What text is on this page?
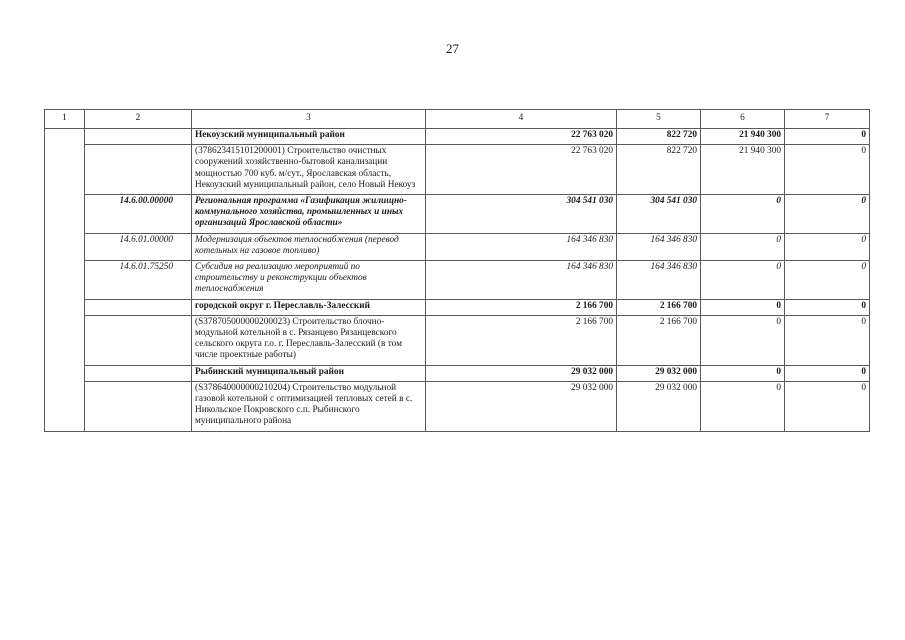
27
1	2	3	4	5	6	7
		Некоузский муниципальный район	22 763 020	822 720	21 940 300	0
		(378623415101200001) Строительство очистных сооружений хозяйственно-бытовой канализации мощностью 700 куб. м/сут., Ярославская область, Некоузский муниципальный район, село Новый Некоуз	22 763 020	822 720	21 940 300	0
	14.6.00.00000	Региональная программа «Газификация жилищно-коммунального хозяйства, промышленных и иных организаций Ярославской области»	304 541 030	304 541 030	0	0
	14.6.01.00000	Модернизация объектов теплоснабжения (перевод котельных на газовое топливо)	164 346 830	164 346 830	0	0
	14.6.01.75250	Субсидия на реализацию мероприятий по строительству и реконструкции объектов теплоснабжения	164 346 830	164 346 830	0	0
		городской округ г. Переславль-Залесский	2 166 700	2 166 700	0	0
		(S378705000000200023) Строительство блочно-модульной котельной в с. Рязанцево Рязанцевского сельского округа г.о. г. Переславль-Залесский (в том числе проектные работы)	2 166 700	2 166 700	0	0
		Рыбинский муниципальный район	29 032 000	29 032 000	0	0
		(S378640000000210204) Строительство модульной газовой котельной с оптимизацией тепловых сетей в с. Никольское Покровского с.п. Рыбинского муниципального района	29 032 000	29 032 000	0	0
